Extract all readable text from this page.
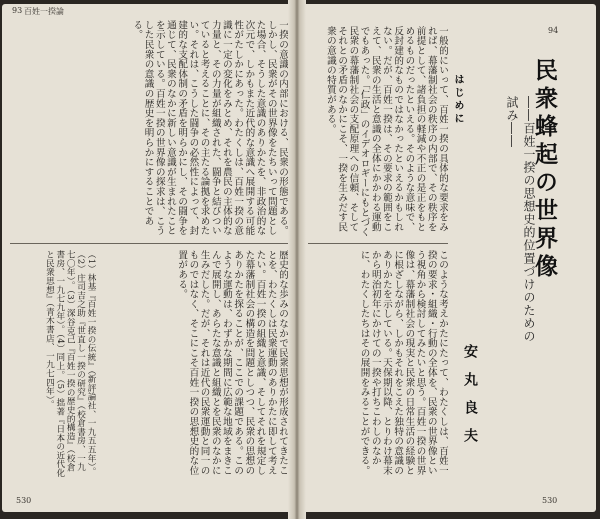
93 百姓一揆論
一揆の意識の内部における、民衆の形態である。しかし、民衆がその世界像をたちいって問題とした場合、そうした意識のありかたを、非政治的な次元で、しかもまた近代的な意識へ展開する可能性がたしかにあった。わたくしは、百姓一揆の意識に一定の変化をみとめ、それを農民の主体的な力量と、その力量が組織された、闘争と結びついていると考えることに、その主たる論拠を求めたい。それは、こうした闘争の必然性によって、封建的な支配体制の矛盾を明らかにし、その闘争を通じて、民衆のなかに新しい意識が生まれたことを示している。百姓一揆の世界像の探求は、こうした民衆の意識の歴史を明らかにすることである。
歴史的な歩みのなかで民衆思想が形成されてきたことを、わたくしは民衆運動のありかたに即して考えたい。百姓一揆の組織と意識、そしてそれを規定した幕藩制社会の構造を問題としつつ、民衆の思想のありかたを探ることが、ここでの課題である。このような運動は、わずかな期間に広範な地域をまきこんで展開し、あらたな意識と組織とを民衆のなかに生みだした。だが、それは近代の民衆運動と同一のものではなく、そこにこそ百姓一揆の思想史的な位置がある。
（1）林基『百姓一揆の伝統』（新評論社、一九五五年）。（2）庄司吉之助『世直し一揆の研究』（校倉書房、一九七〇年）。（3）深谷克己『百姓一揆の歴史的構造』（校倉書房、一九七九年）。（4）同上。（5）拙著『日本の近代化と民衆思想』（青木書店、一九七四年）。
530
94
民衆蜂起の世界像
――百姓一揆の思想史的位置づけのための試み――
安丸良夫
はじめに
一般的にいって、百姓一揆の具体的な要求をみれば、幕藩制社会の秩序の内部で、その秩序を前提として、諸負担の軽減や不正の是正をもとめるものだったといえる。そのような意味で、反封建的なものではなかったといえるかもしれない。だが、百姓一揆は、その要求の範囲をこえて、民衆の生活と意識の全体にかかわる運動でもあった。「仁政」のイデオロギーにもとづく民衆の幕藩制社会の支配原理への信頼、そしてそれとの矛盾のなかにこそ、一揆を生みだす民衆の意識の特質がある。
このような考えかたにたって、わたくしは、百姓一揆の要求・組織・行動の全体を、民衆の世界像という視角から検討してみたいと思う。百姓一揆の世界像は、幕藩制社会の現実と民衆の日常生活の経験とに根ざしながら、しかもそれをこえた独特の意識のありかたを示している。天保期以降、とりわけ幕末から明治初年にかけての一揆や打ちこわしのなかに、わたくしたちはその展開をみることができる。
530
